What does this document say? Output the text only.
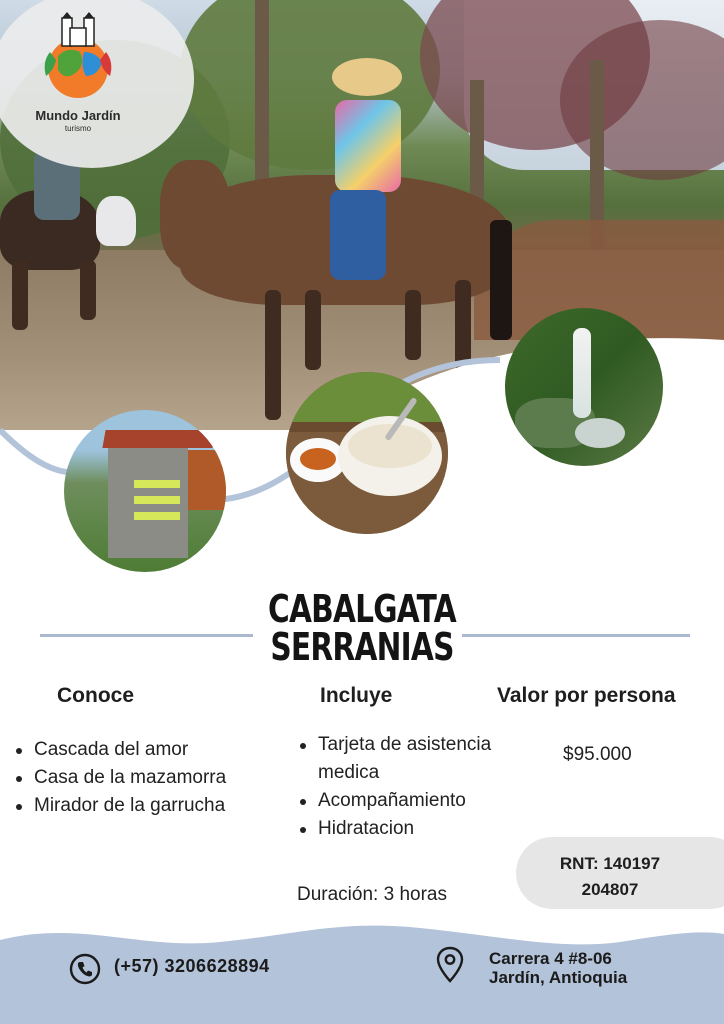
Mundo Jardín
turismo
CABALGATA
SERRANIAS
Conoce	Incluye	Valor por persona
Cascada del amor
Casa de la mazamorra
Mirador de la garrucha
Tarjeta de asistencia medica
Acompañamiento
Hidratacion
$95.000
Duración: 3 horas
RNT: 140197
204807
(+57) 3206628894	Carrera 4 #8-06
Jardín, Antioquia
